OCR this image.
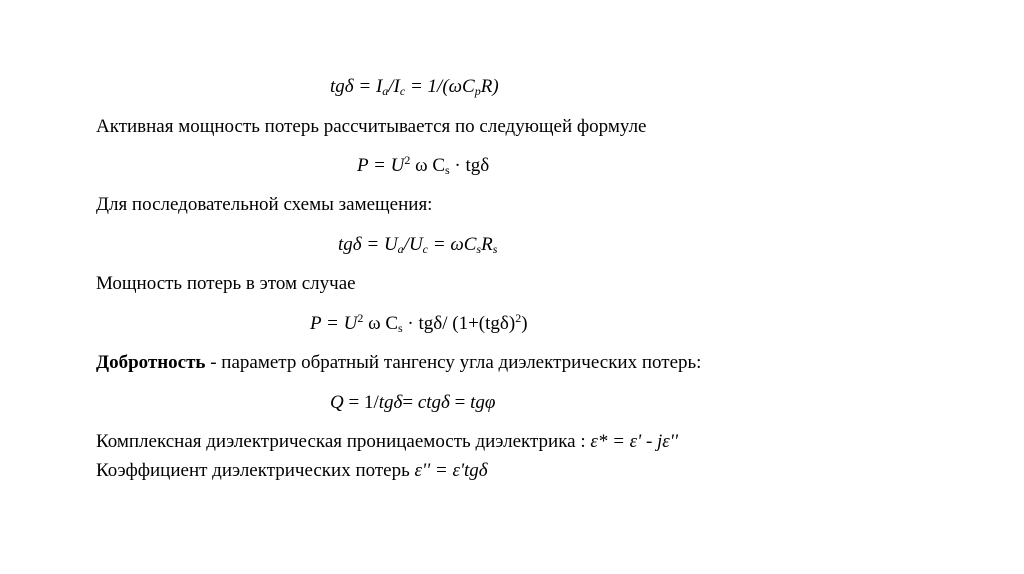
$tg\delta = I_a/I_c = 1/(\omega C_pR)$
Активная мощность потерь рассчитывается по следующей формуле
$P = U^2$ ω $C_s \cdot tg\delta$
Для последовательной схемы замещения:
$tg\delta = U_a/U_c = \omega C_sR_s$
Мощность потерь в этом случае
$P = U^2$ ω $C_s \cdot tg\delta/$ $(1+(tg\delta)^2)$
Добротность - параметр обратный тангенсу угла диэлектрических потерь:
Q = 1/tgδ= ctgδ = tgφ
Комплексная диэлектрическая проницаемость диэлектрика : ε* = ε' - jε''
Коэффициент диэлектрических потерь ε'' = ε'tgδ
